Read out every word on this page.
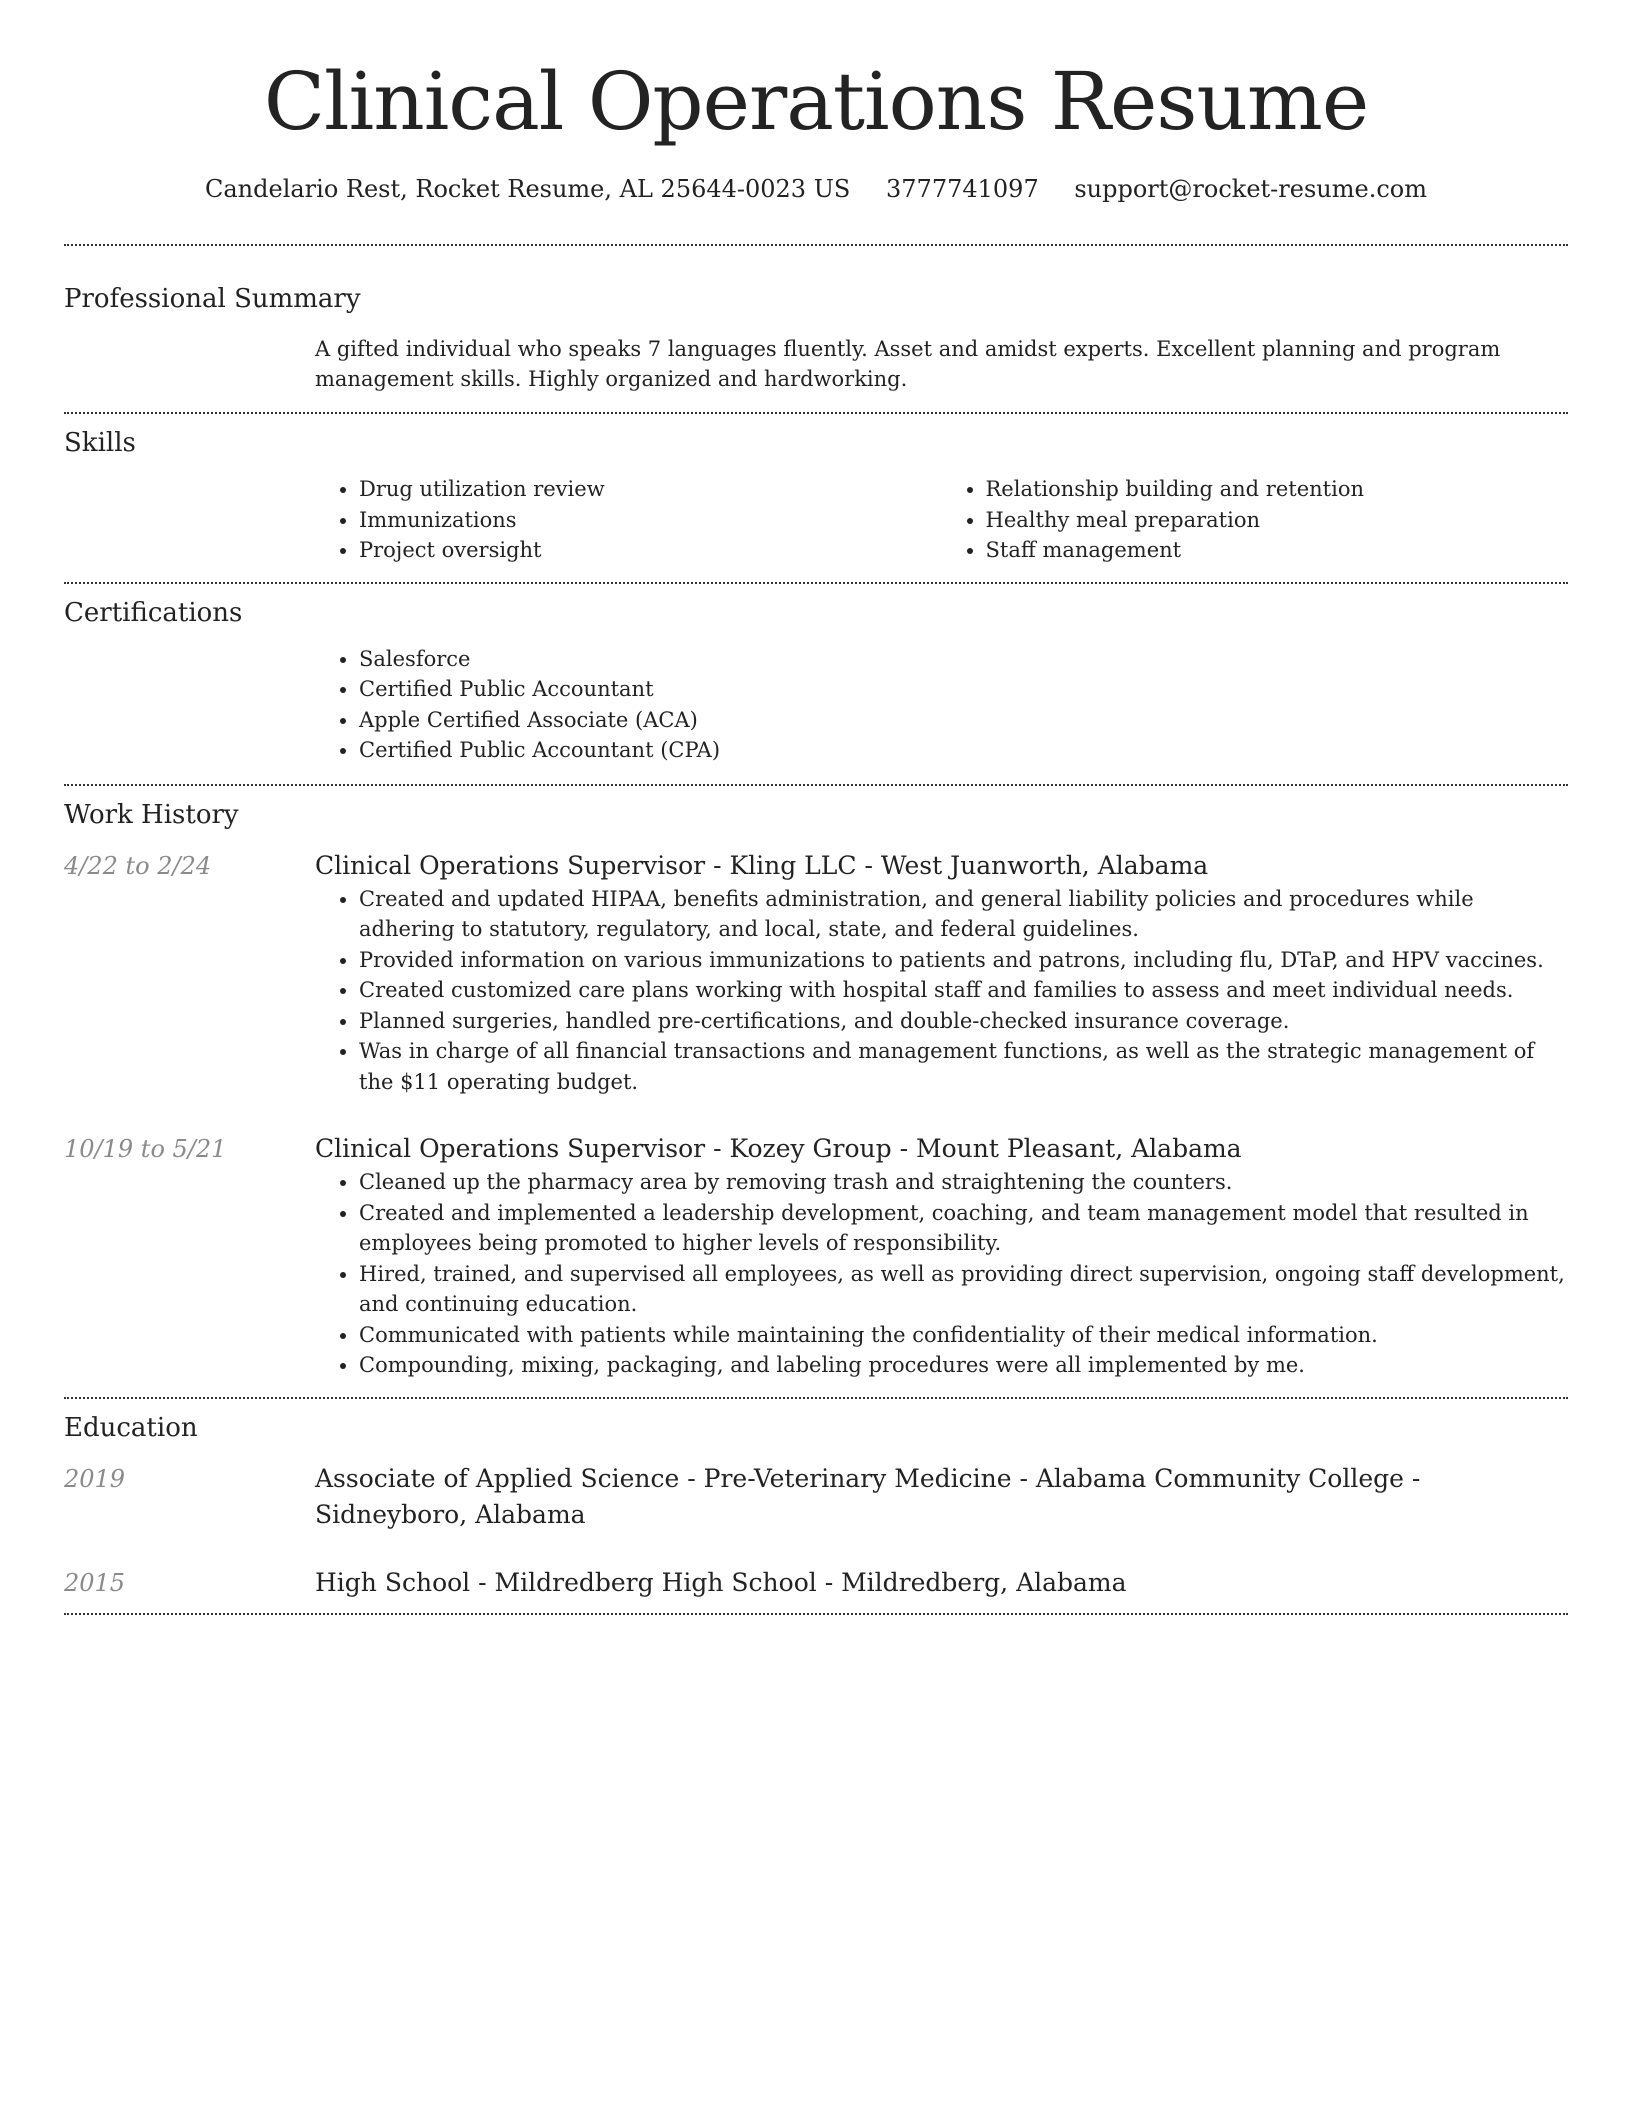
Clinical Operations Resume
Candelario Rest, Rocket Resume, AL 25644-0023 US 3777741097 support@rocket-resume.com
Professional Summary

A gifted individual who speaks 7 languages fluently. Asset and amidst experts. Excellent planning and program management skills. Highly organized and hardworking.

Skills
• Drug utilization review
• Immunizations
• Project oversight
• Relationship building and retention
• Healthy meal preparation
• Staff management
Certifications
• Salesforce
• Certified Public Accountant
• Apple Certified Associate (ACA)
• Certified Public Accountant (CPA)
Work History
4/22 to 2/24	Clinical Operations Supervisor - Kling LLC - West Juanworth, Alabama
• Created and updated HIPAA, benefits administration, and general liability policies and procedures while adhering to statutory, regulatory, and local, state, and federal guidelines.
• Provided information on various immunizations to patients and patrons, including flu, DTaP, and HPV vaccines.
• Created customized care plans working with hospital staff and families to assess and meet individual needs.
• Planned surgeries, handled pre-certifications, and double-checked insurance coverage.
• Was in charge of all financial transactions and management functions, as well as the strategic management of the $11 operating budget.
10/19 to 5/21	Clinical Operations Supervisor - Kozey Group - Mount Pleasant, Alabama
• Cleaned up the pharmacy area by removing trash and straightening the counters.
• Created and implemented a leadership development, coaching, and team management model that resulted in employees being promoted to higher levels of responsibility.
• Hired, trained, and supervised all employees, as well as providing direct supervision, ongoing staff development, and continuing education.
• Communicated with patients while maintaining the confidentiality of their medical information.
• Compounding, mixing, packaging, and labeling procedures were all implemented by me.
Education
2019	Associate of Applied Science - Pre-Veterinary Medicine - Alabama Community College - Sidneyboro, Alabama
2015	High School - Mildredberg High School - Mildredberg, Alabama
